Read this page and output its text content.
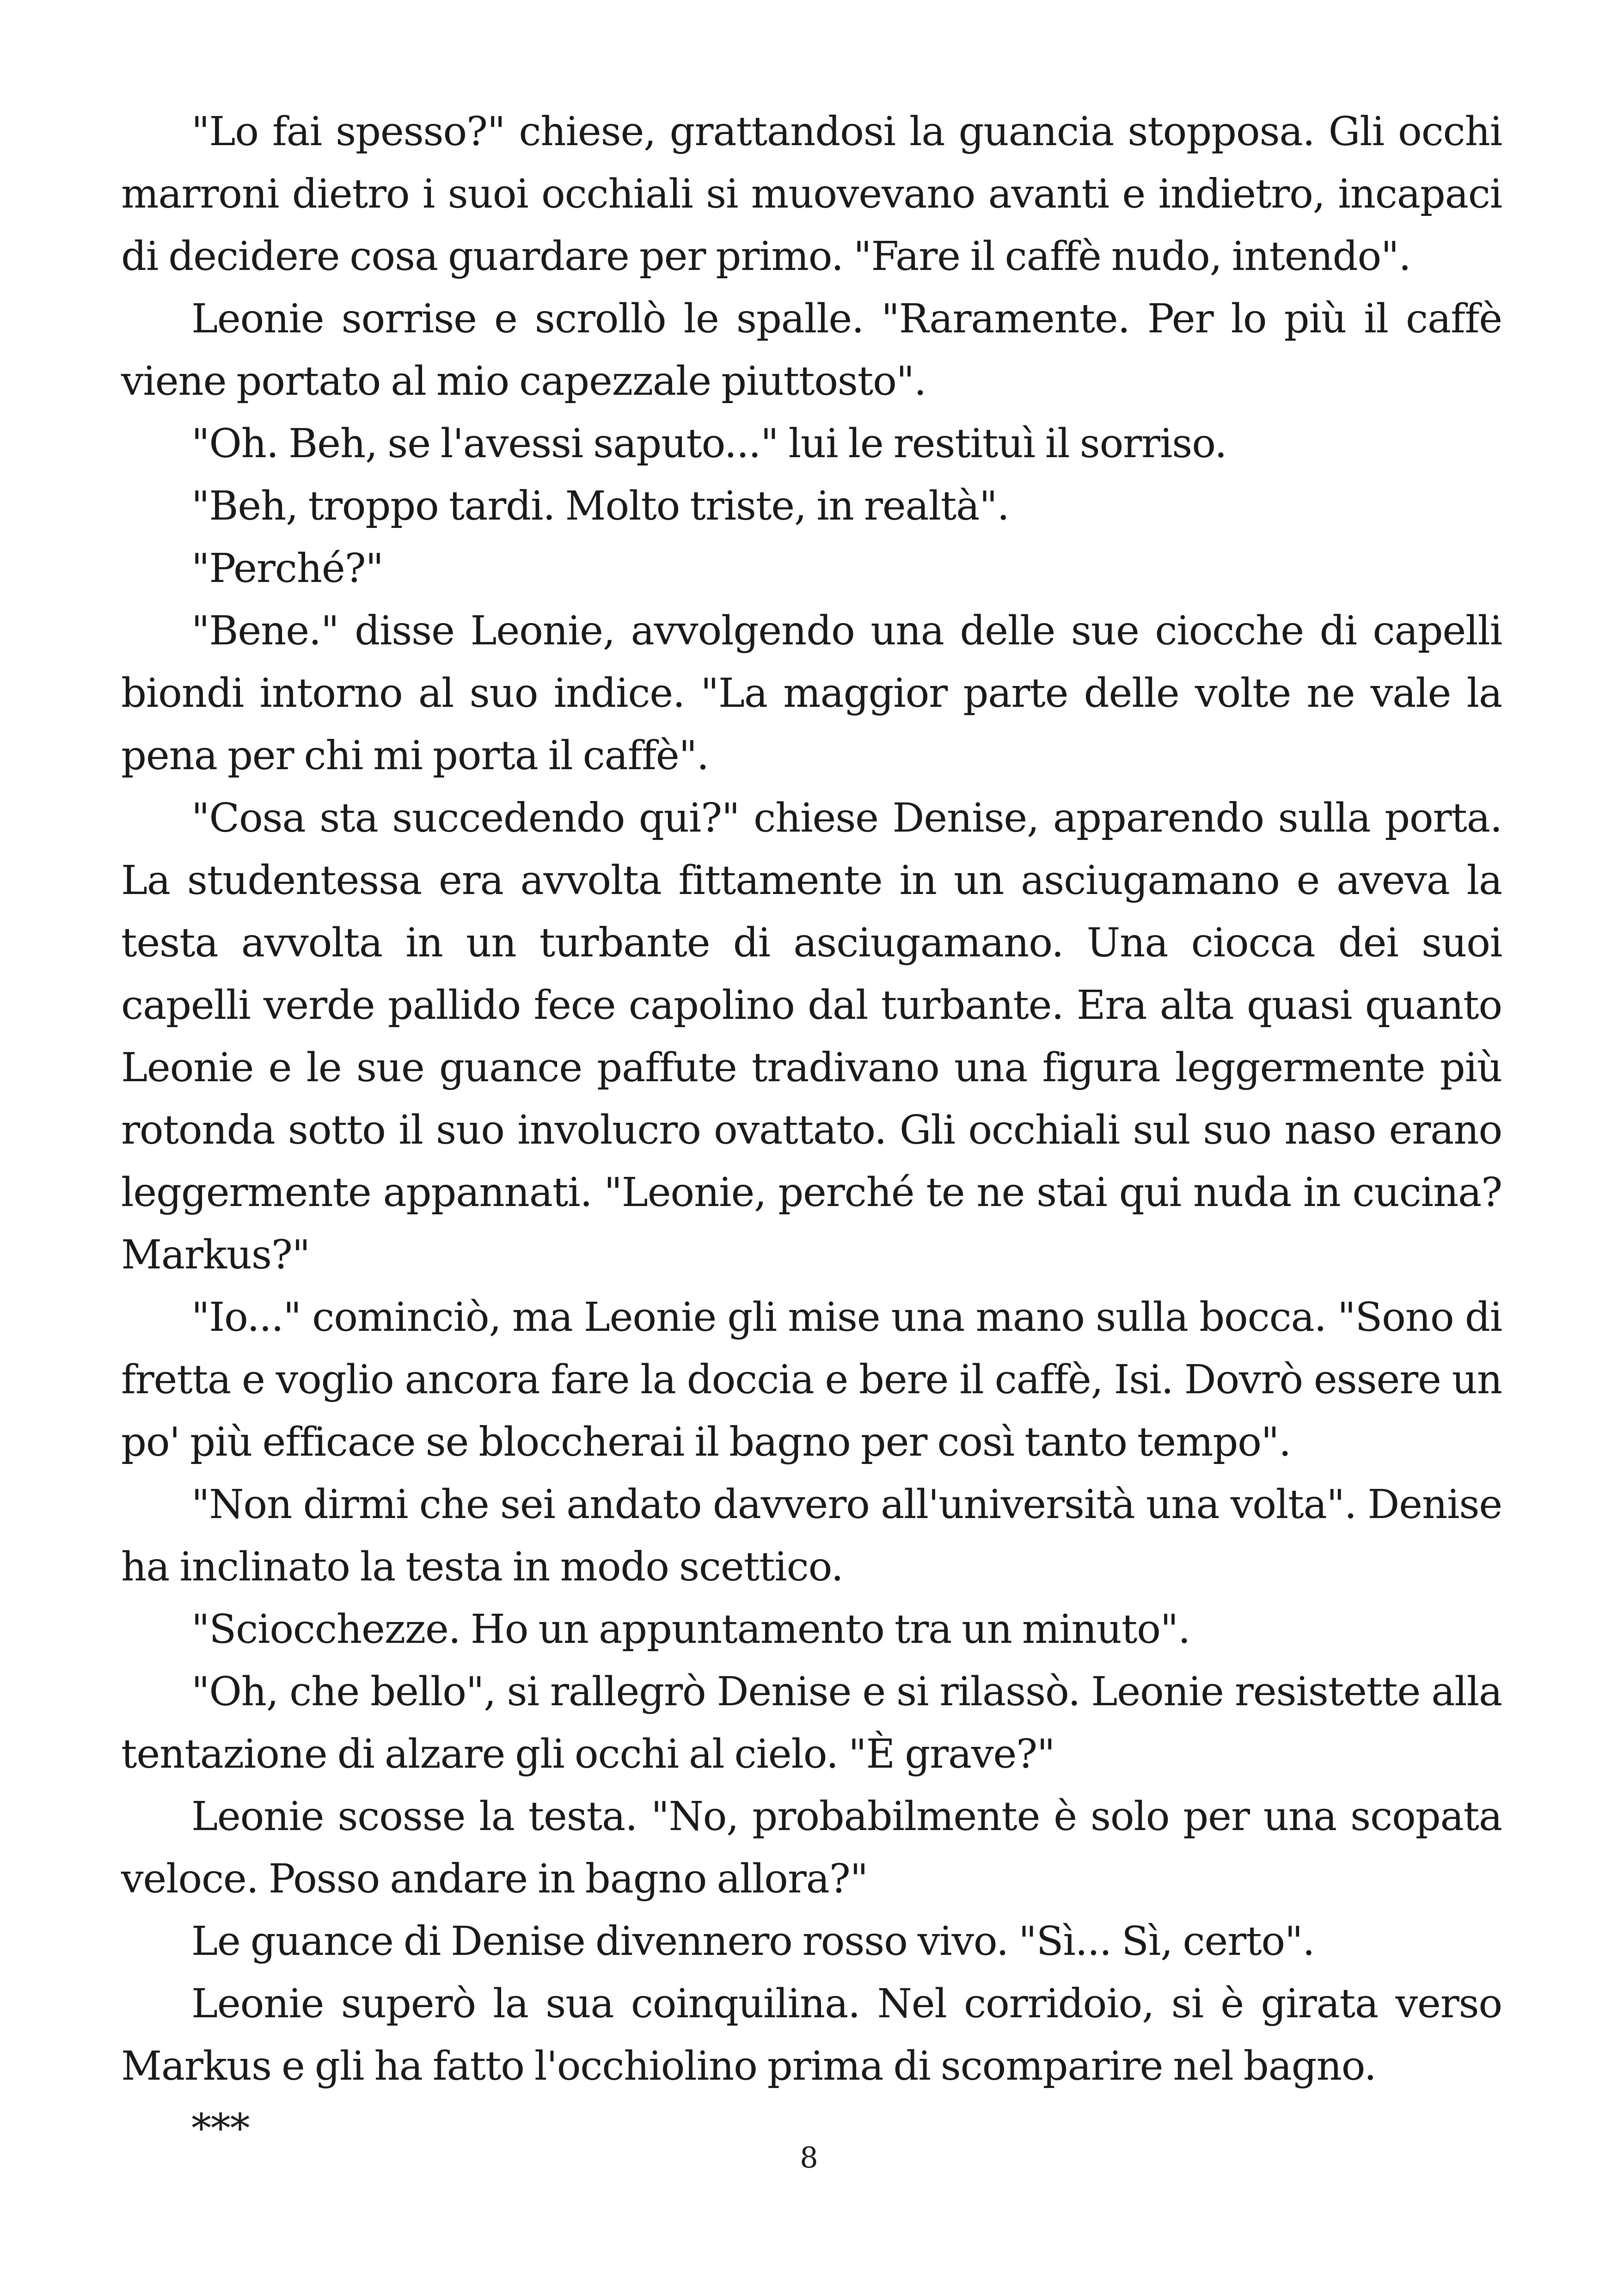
"Lo fai spesso?" chiese, grattandosi la guancia stopposa. Gli occhi marroni dietro i suoi occhiali si muovevano avanti e indietro, incapaci di decidere cosa guardare per primo. "Fare il caffè nudo, intendo".

Leonie sorrise e scrollò le spalle. "Raramente. Per lo più il caffè viene portato al mio capezzale piuttosto".

"Oh. Beh, se l'avessi saputo..." lui le restituì il sorriso.

"Beh, troppo tardi. Molto triste, in realtà".

"Perché?"

"Bene." disse Leonie, avvolgendo una delle sue ciocche di capelli biondi intorno al suo indice. "La maggior parte delle volte ne vale la pena per chi mi porta il caffè".

"Cosa sta succedendo qui?" chiese Denise, apparendo sulla porta. La studentessa era avvolta fittamente in un asciugamano e aveva la testa avvolta in un turbante di asciugamano. Una ciocca dei suoi capelli verde pallido fece capolino dal turbante. Era alta quasi quanto Leonie e le sue guance paffute tradivano una figura leggermente più rotonda sotto il suo involucro ovattato. Gli occhiali sul suo naso erano leggermente appannati. "Leonie, perché te ne stai qui nuda in cucina? Markus?"

"Io..." cominciò, ma Leonie gli mise una mano sulla bocca. "Sono di fretta e voglio ancora fare la doccia e bere il caffè, Isi. Dovrò essere un po' più efficace se bloccherai il bagno per così tanto tempo".

"Non dirmi che sei andato davvero all'università una volta". Denise ha inclinato la testa in modo scettico.

"Sciocchezze. Ho un appuntamento tra un minuto".

"Oh, che bello", si rallegrò Denise e si rilassò. Leonie resistette alla tentazione di alzare gli occhi al cielo. "È grave?"

Leonie scosse la testa. "No, probabilmente è solo per una scopata veloce. Posso andare in bagno allora?"

Le guance di Denise divennero rosso vivo. "Sì... Sì, certo".

Leonie superò la sua coinquilina. Nel corridoio, si è girata verso Markus e gli ha fatto l'occhiolino prima di scomparire nel bagno.

***

8
